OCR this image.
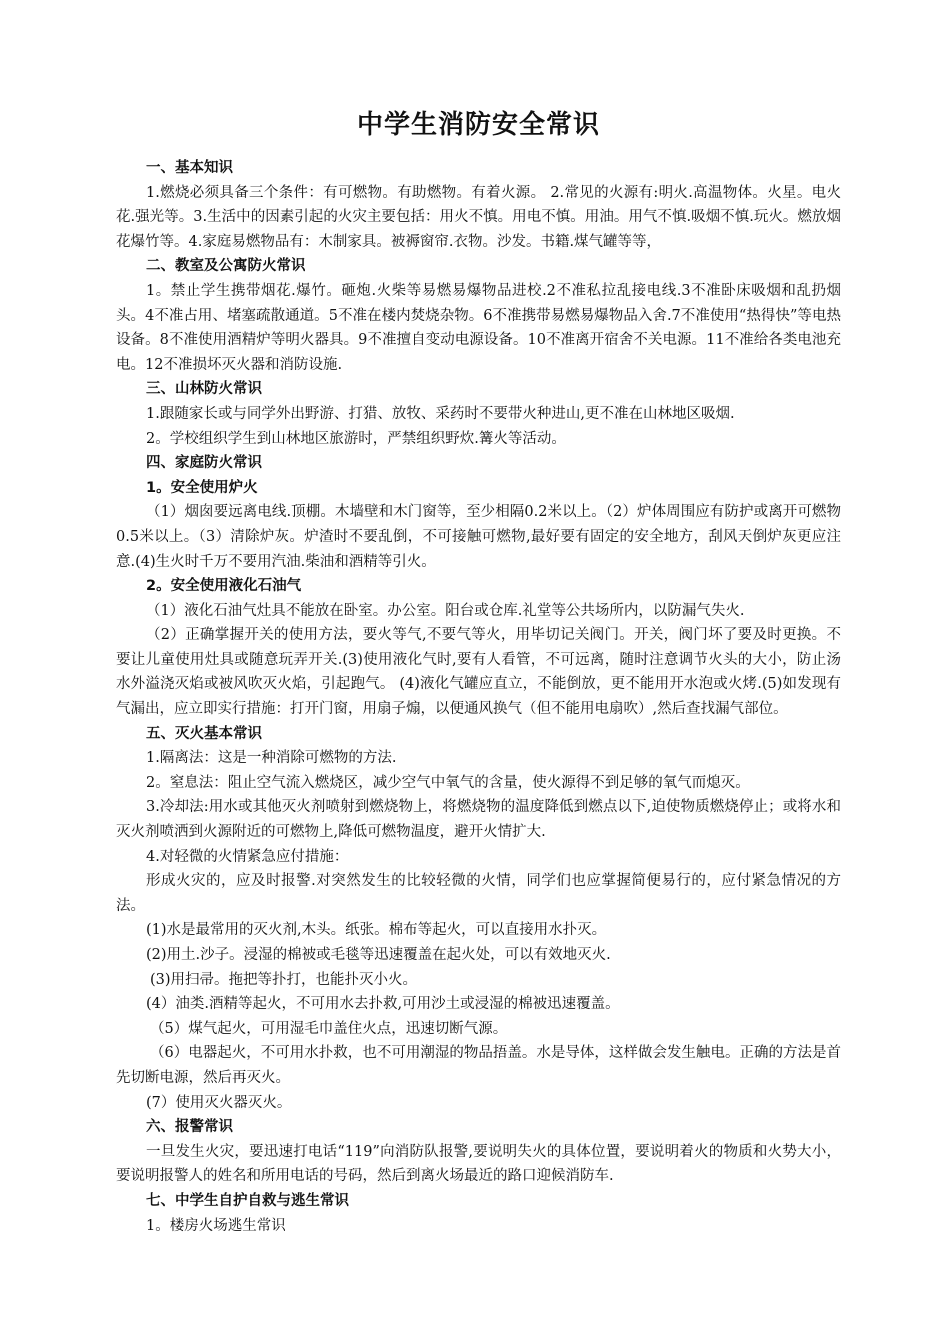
中学生消防安全常识
一、基本知识
1.燃烧必须具备三个条件：有可燃物。有助燃物。有着火源。 2.常见的火源有:明火.高温物体。火星。电火花.强光等。3.生活中的因素引起的火灾主要包括：用火不慎。用电不慎。用油。用气不慎.吸烟不慎.玩火。燃放烟花爆竹等。4.家庭易燃物品有：木制家具。被褥窗帘.衣物。沙发。书籍.煤气罐等等，
二、教室及公寓防火常识
1。禁止学生携带烟花.爆竹。砸炮.火柴等易燃易爆物品进校.2不准私拉乱接电线.3不准卧床吸烟和乱扔烟头。4不准占用、堵塞疏散通道。5不准在楼内焚烧杂物。6不准携带易燃易爆物品入舍.7不准使用“热得快”等电热设备。8不准使用酒精炉等明火器具。9不准擅自变动电源设备。10不准离开宿舍不关电源。11不准给各类电池充电。12不准损坏灭火器和消防设施.
三、山林防火常识
1.跟随家长或与同学外出野游、打猎、放牧、采药时不要带火种进山,更不准在山林地区吸烟.
2。学校组织学生到山林地区旅游时，严禁组织野炊.篝火等活动。
四、家庭防火常识
1。安全使用炉火
（1）烟囱要远离电线.顶棚。木墙壁和木门窗等，至少相隔0.2米以上。（2）炉体周围应有防护或离开可燃物0.5米以上。（3）清除炉灰。炉渣时不要乱倒，不可接触可燃物,最好要有固定的安全地方，刮风天倒炉灰更应注意.(4)生火时千万不要用汽油.柴油和酒精等引火。
2。安全使用液化石油气
（1）液化石油气灶具不能放在卧室。办公室。阳台或仓库.礼堂等公共场所内，以防漏气失火.
（2）正确掌握开关的使用方法，要火等气,不要气等火，用毕切记关阀门。开关，阀门坏了要及时更换。不要让儿童使用灶具或随意玩弄开关.(3)使用液化气时,要有人看管，不可远离，随时注意调节火头的大小，防止汤水外溢浇灭焰或被风吹灭火焰，引起跑气。 (4)液化气罐应直立，不能倒放，更不能用开水泡或火烤.(5)如发现有气漏出，应立即实行措施：打开门窗，用扇子煽，以便通风换气（但不能用电扇吹）,然后查找漏气部位。
五、灭火基本常识
1.隔离法：这是一种消除可燃物的方法.
2。窒息法：阻止空气流入燃烧区，减少空气中氧气的含量，使火源得不到足够的氧气而熄灭。
3.冷却法:用水或其他灭火剂喷射到燃烧物上，将燃烧物的温度降低到燃点以下,迫使物质燃烧停止；或将水和灭火剂喷洒到火源附近的可燃物上,降低可燃物温度，避开火情扩大.
4.对轻微的火情紧急应付措施：
形成火灾的，应及时报警.对突然发生的比较轻微的火情，同学们也应掌握简便易行的，应付紧急情况的方法。
(1)水是最常用的灭火剂,木头。纸张。棉布等起火，可以直接用水扑灭。
(2)用土.沙子。浸湿的棉被或毛毯等迅速覆盖在起火处，可以有效地灭火.
(3)用扫帚。拖把等扑打，也能扑灭小火。
(4）油类.酒精等起火，不可用水去扑救,可用沙土或浸湿的棉被迅速覆盖。
（5）煤气起火，可用湿毛巾盖住火点，迅速切断气源。
（6）电器起火，不可用水扑救，也不可用潮湿的物品捂盖。水是导体，这样做会发生触电。正确的方法是首先切断电源，然后再灭火。
(7）使用灭火器灭火。
六、报警常识
一旦发生火灾，要迅速打电话“119”向消防队报警,要说明失火的具体位置，要说明着火的物质和火势大小，要说明报警人的姓名和所用电话的号码，然后到离火场最近的路口迎候消防车.
七、中学生自护自救与逃生常识
1。楼房火场逃生常识
